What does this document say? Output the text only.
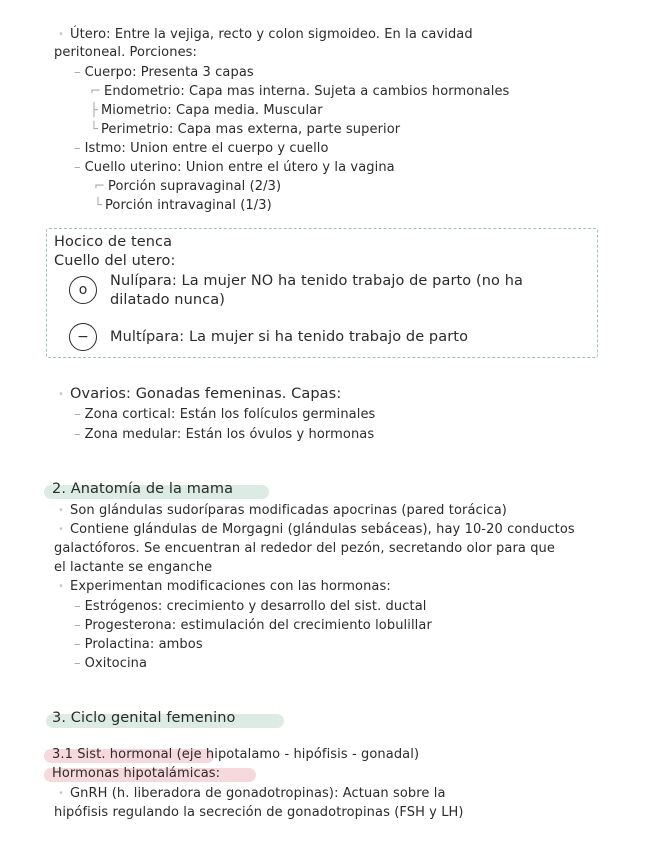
• Útero: Entre la vejiga, recto y colon sigmoideo. En la cavidad
peritoneal. Porciones:
– Cuerpo: Presenta 3 capas
⌐ Endometrio: Capa mas interna. Sujeta a cambios hormonales
├ Miometrio: Capa media. Muscular
└ Perimetrio: Capa mas externa, parte superior
– Istmo: Union entre el cuerpo y cuello
– Cuello uterino: Union entre el útero y la vagina
⌐ Porción supravaginal (2/3)
└ Porción intravaginal (1/3)
Hocico de tenca
Cuello del utero:
o
Nulípara: La mujer NO ha tenido trabajo de parto (no ha
dilatado nunca)
−	Multípara: La mujer si ha tenido trabajo de parto
• Ovarios: Gonadas femeninas. Capas:
– Zona cortical: Están los folículos germinales
– Zona medular: Están los óvulos y hormonas
2. Anatomía de la mama
• Son glándulas sudoríparas modificadas apocrinas (pared torácica)
• Contiene glándulas de Morgagni (glándulas sebáceas), hay 10-20 conductos
galactóforos. Se encuentran al rededor del pezón, secretando olor para que
el lactante se enganche
• Experimentan modificaciones con las hormonas:
– Estrógenos: crecimiento y desarrollo del sist. ductal
– Progesterona: estimulación del crecimiento lobulillar
– Prolactina: ambos
– Oxitocina
3. Ciclo genital femenino
3.1 Sist. hormonal (eje hipotalamo - hipófisis - gonadal)
Hormonas hipotalámicas:
• GnRH (h. liberadora de gonadotropinas): Actuan sobre la
hipófisis regulando la secreción de gonadotropinas (FSH y LH)
